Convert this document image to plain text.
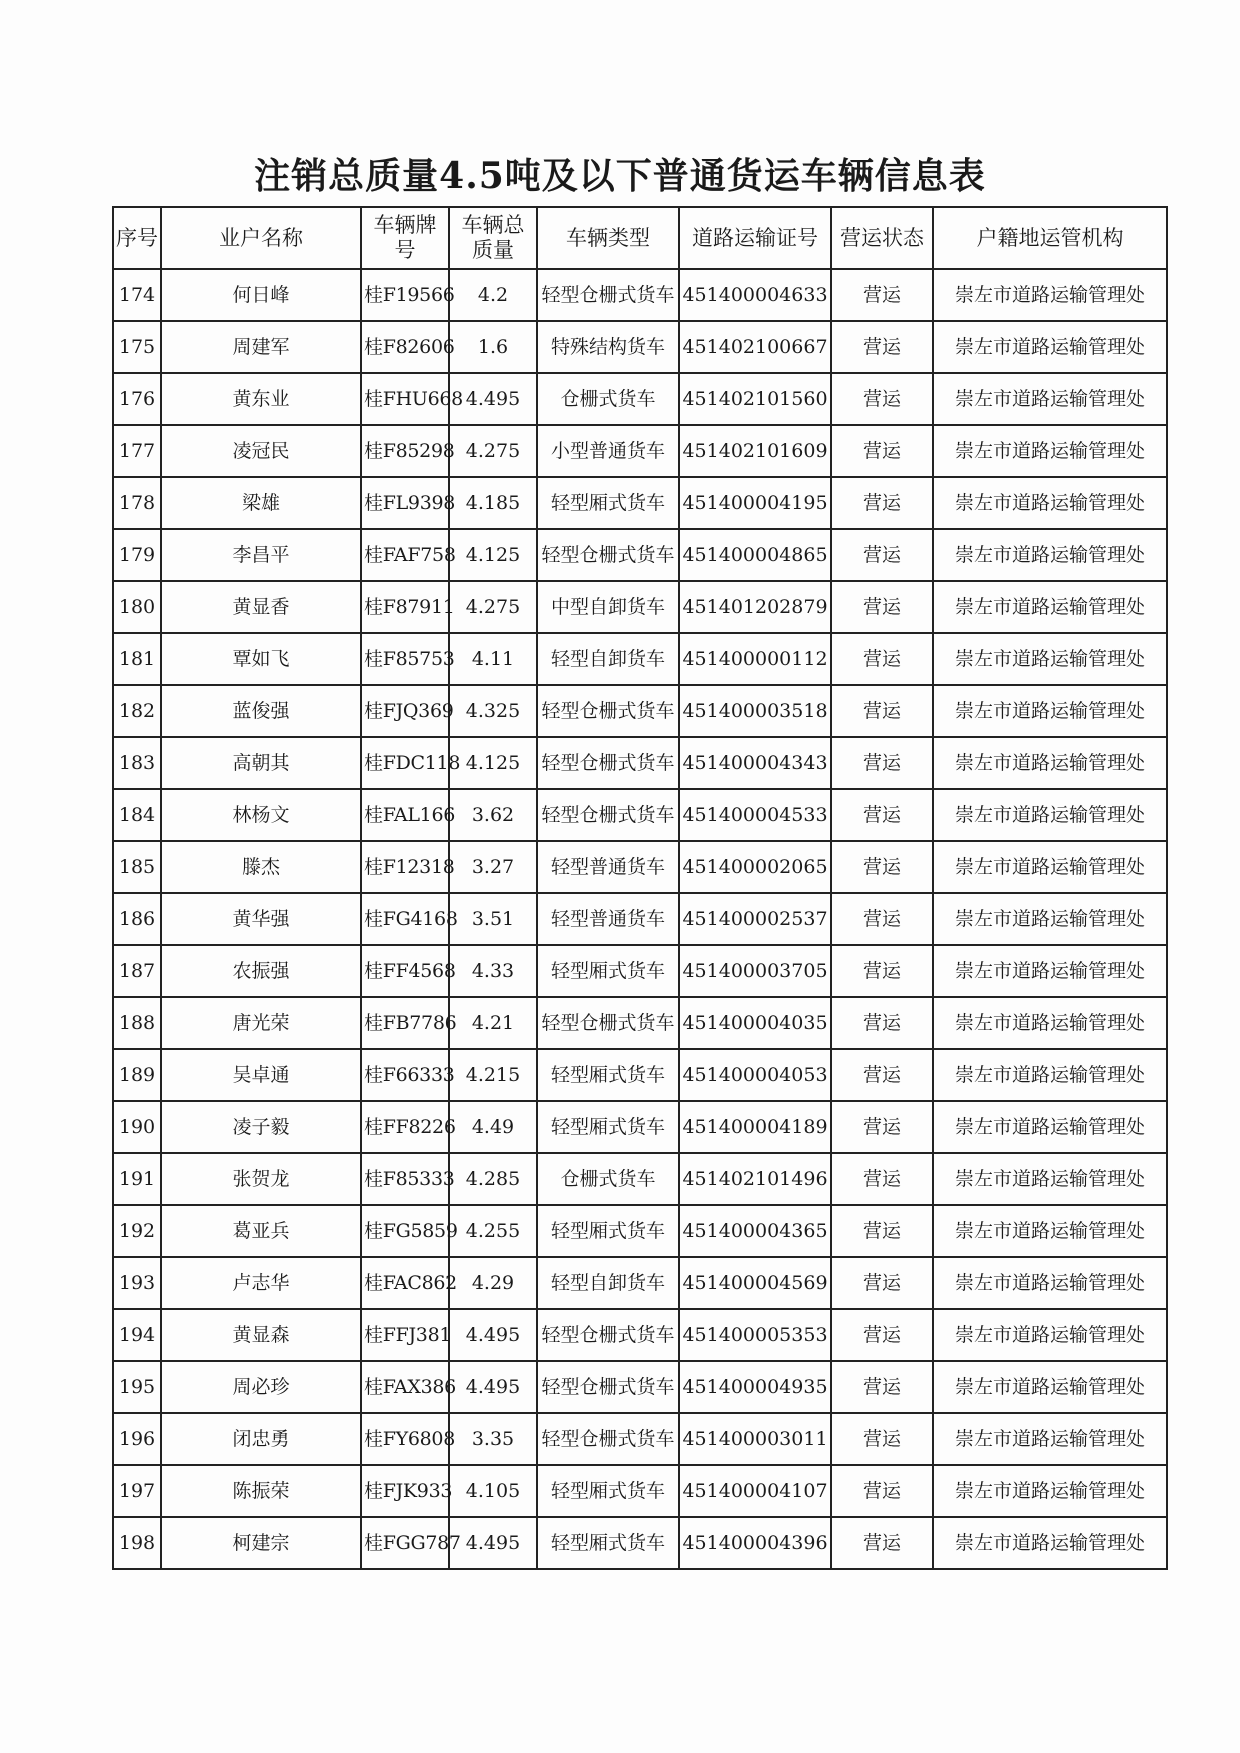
注销总质量4.5吨及以下普通货运车辆信息表
序号	业户名称	车辆牌号	车辆总质量	车辆类型	道路运输证号	营运状态	户籍地运管机构
174	何日峰	桂F19566	4.2	轻型仓栅式货车	451400004633	营运	崇左市道路运输管理处
175	周建军	桂F82606	1.6	特殊结构货车	451402100667	营运	崇左市道路运输管理处
176	黄东业	桂FHU668	4.495	仓栅式货车	451402101560	营运	崇左市道路运输管理处
177	凌冠民	桂F85298	4.275	小型普通货车	451402101609	营运	崇左市道路运输管理处
178	梁雄	桂FL9398	4.185	轻型厢式货车	451400004195	营运	崇左市道路运输管理处
179	李昌平	桂FAF758	4.125	轻型仓栅式货车	451400004865	营运	崇左市道路运输管理处
180	黄显香	桂F87911	4.275	中型自卸货车	451401202879	营运	崇左市道路运输管理处
181	覃如飞	桂F85753	4.11	轻型自卸货车	451400000112	营运	崇左市道路运输管理处
182	蓝俊强	桂FJQ369	4.325	轻型仓栅式货车	451400003518	营运	崇左市道路运输管理处
183	高朝其	桂FDC118	4.125	轻型仓栅式货车	451400004343	营运	崇左市道路运输管理处
184	林杨文	桂FAL166	3.62	轻型仓栅式货车	451400004533	营运	崇左市道路运输管理处
185	滕杰	桂F12318	3.27	轻型普通货车	451400002065	营运	崇左市道路运输管理处
186	黄华强	桂FG4168	3.51	轻型普通货车	451400002537	营运	崇左市道路运输管理处
187	农振强	桂FF4568	4.33	轻型厢式货车	451400003705	营运	崇左市道路运输管理处
188	唐光荣	桂FB7786	4.21	轻型仓栅式货车	451400004035	营运	崇左市道路运输管理处
189	吴卓通	桂F66333	4.215	轻型厢式货车	451400004053	营运	崇左市道路运输管理处
190	凌子毅	桂FF8226	4.49	轻型厢式货车	451400004189	营运	崇左市道路运输管理处
191	张贺龙	桂F85333	4.285	仓栅式货车	451402101496	营运	崇左市道路运输管理处
192	葛亚兵	桂FG5859	4.255	轻型厢式货车	451400004365	营运	崇左市道路运输管理处
193	卢志华	桂FAC862	4.29	轻型自卸货车	451400004569	营运	崇左市道路运输管理处
194	黄显森	桂FFJ381	4.495	轻型仓栅式货车	451400005353	营运	崇左市道路运输管理处
195	周必珍	桂FAX386	4.495	轻型仓栅式货车	451400004935	营运	崇左市道路运输管理处
196	闭忠勇	桂FY6808	3.35	轻型仓栅式货车	451400003011	营运	崇左市道路运输管理处
197	陈振荣	桂FJK933	4.105	轻型厢式货车	451400004107	营运	崇左市道路运输管理处
198	柯建宗	桂FGG787	4.495	轻型厢式货车	451400004396	营运	崇左市道路运输管理处
